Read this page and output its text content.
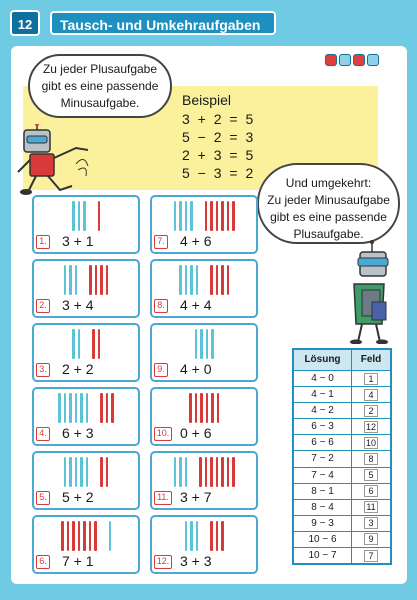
12	Tausch- und Umkehraufgaben
Beispiel
3 + 2 = 5
5 − 2 = 3
2 + 3 = 5
5 − 3 = 2
Zu jeder Plusaufgabe
gibt es eine passende
Minusaufgabe.
Und umgekehrt:
Zu jeder Minusaufgabe
gibt es eine passende
Plusaufgabe.
1. 3 + 1
2. 3 + 4
3. 2 + 2
4. 6 + 3
5. 5 + 2
6. 7 + 1
7. 4 + 6
8. 4 + 4
9. 4 + 0
10. 0 + 6
11. 3 + 7
12. 3 + 3
Lösung	Feld
4 − 0	1
4 − 1	4
4 − 2	2
6 − 3	12
6 − 6	10
7 − 2	8
7 − 4	5
8 − 1	6
8 − 4	11
9 − 3	3
10 − 6	9
10 − 7	7
